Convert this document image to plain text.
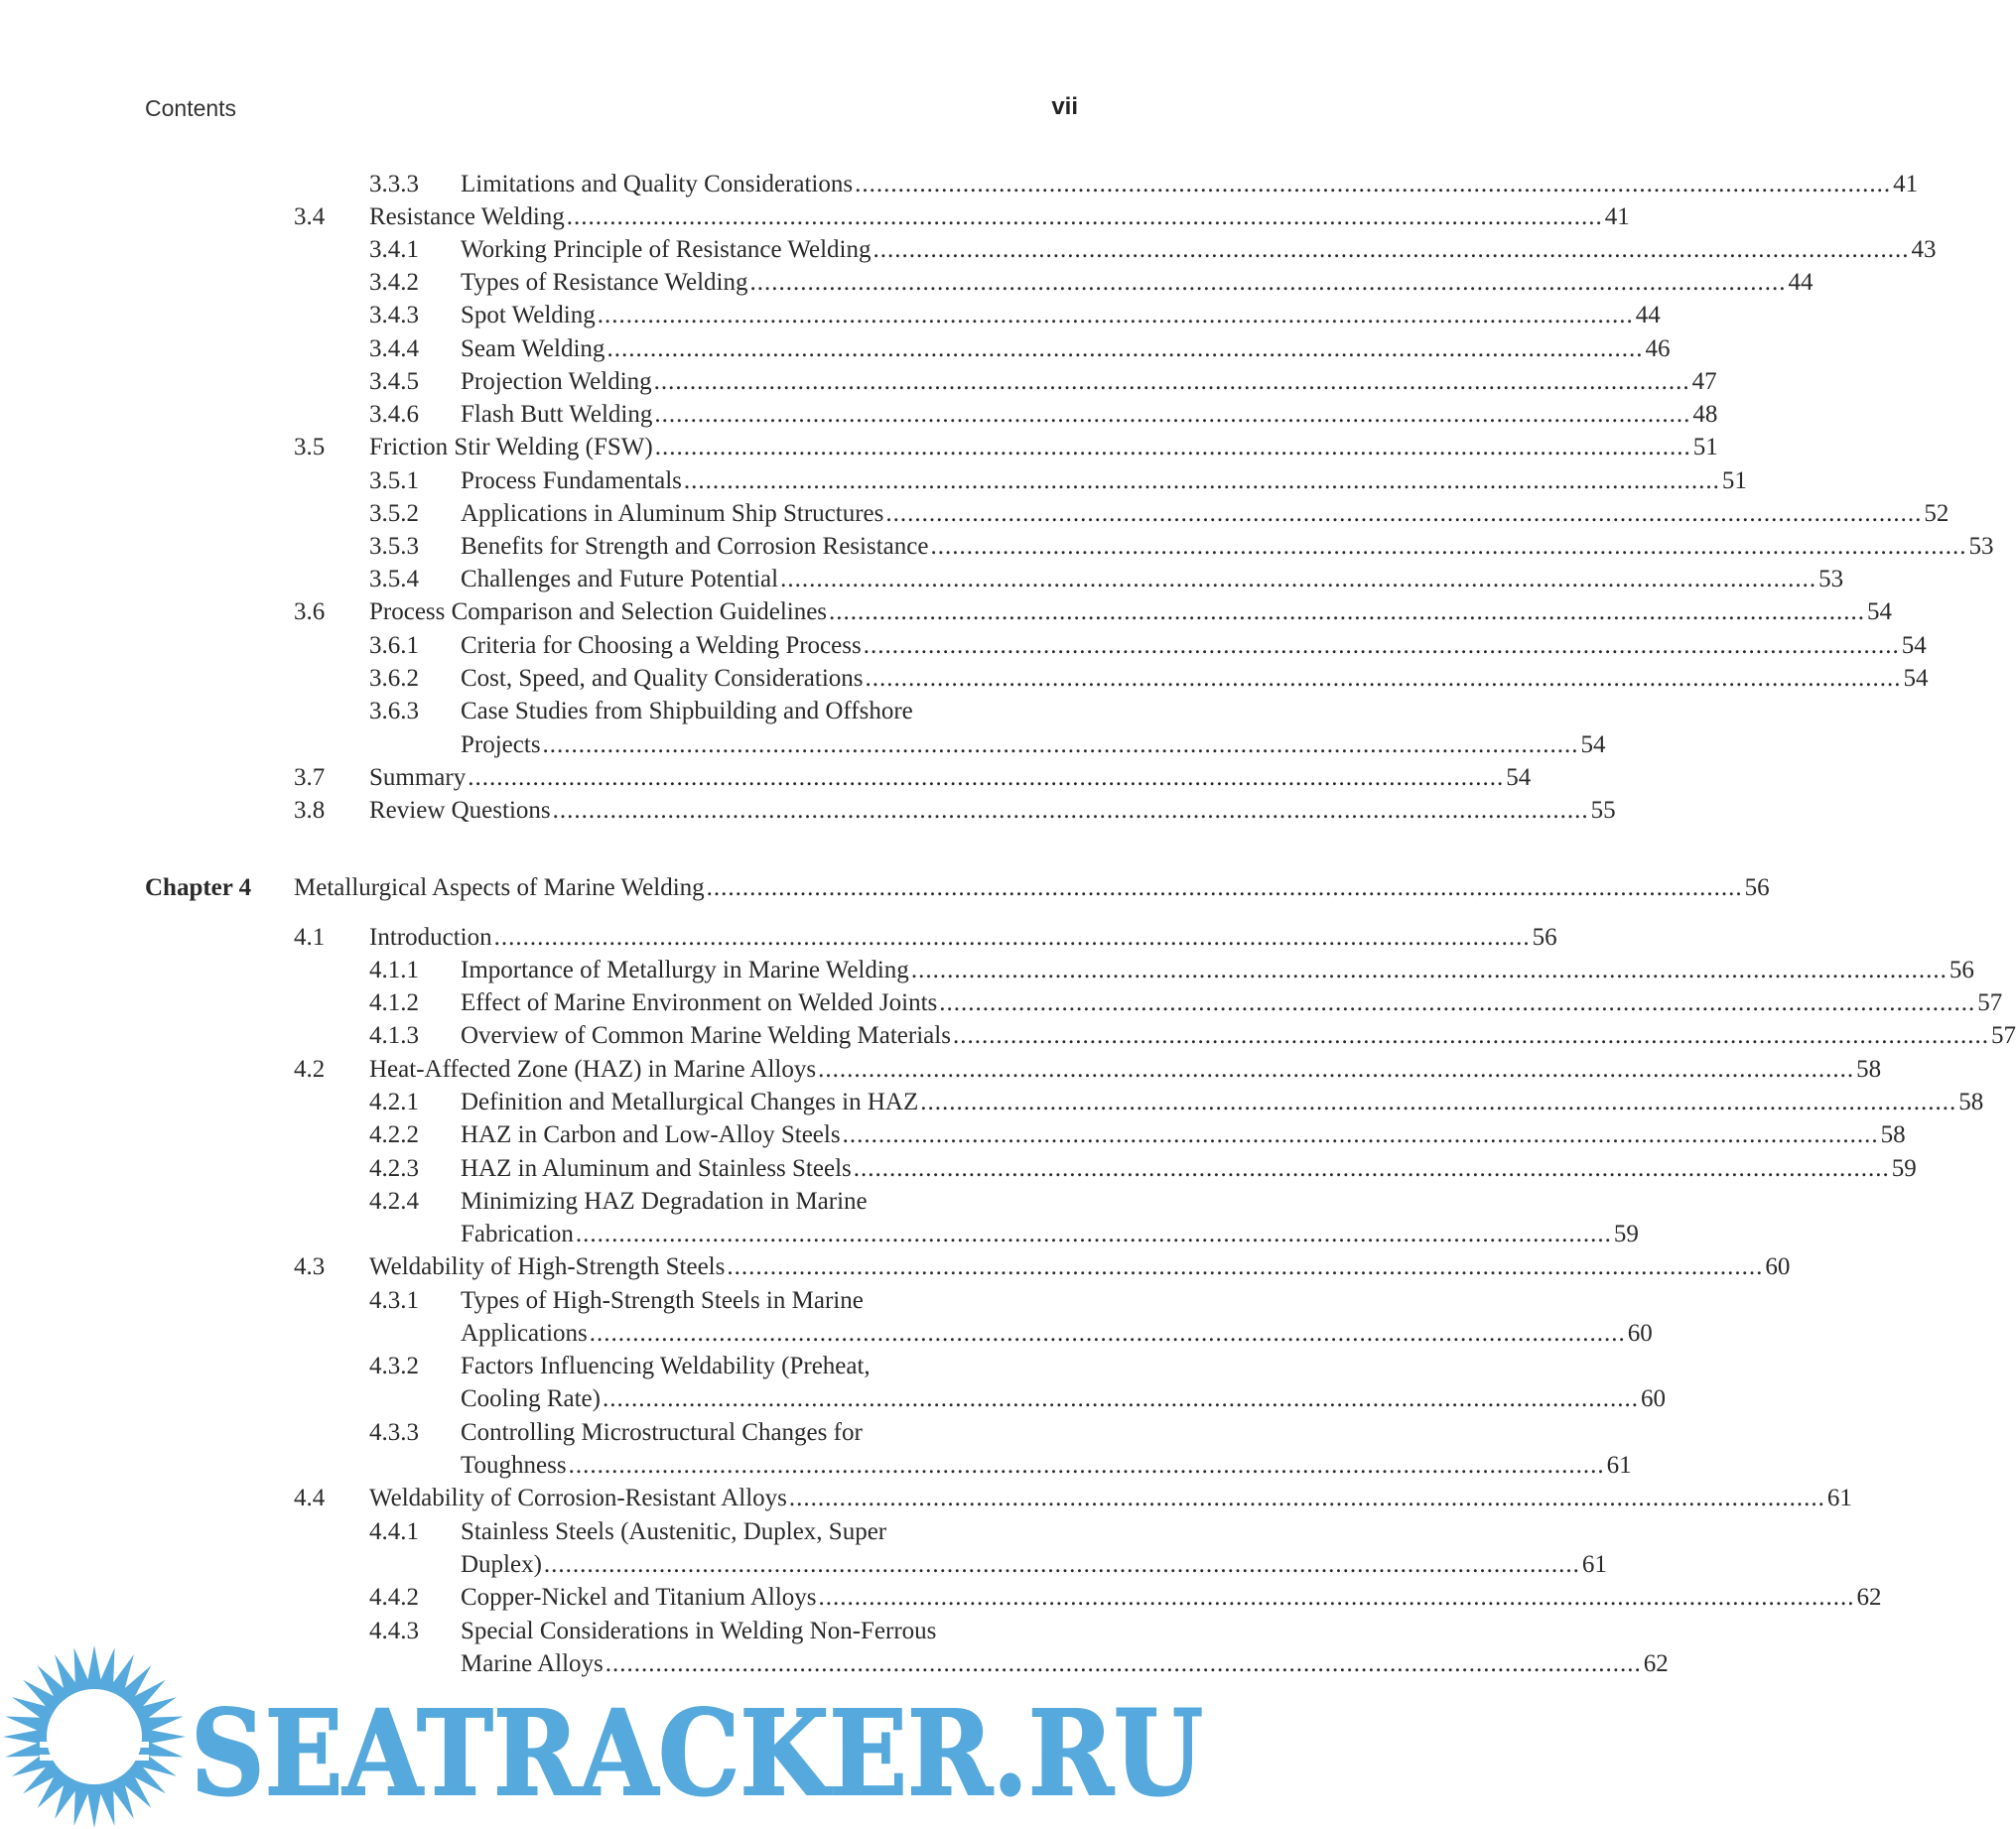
Contents	vii
3.3.3 Limitations and Quality Considerations ................................................................................................................................................ 41
3.4 Resistance Welding ................................................................................................................................................ 41
3.4.1 Working Principle of Resistance Welding ................................................................................................................................................ 43
3.4.2 Types of Resistance Welding ................................................................................................................................................ 44
3.4.3 Spot Welding ................................................................................................................................................ 44
3.4.4 Seam Welding ................................................................................................................................................ 46
3.4.5 Projection Welding ................................................................................................................................................ 47
3.4.6 Flash Butt Welding ................................................................................................................................................ 48
3.5 Friction Stir Welding (FSW) ................................................................................................................................................ 51
3.5.1 Process Fundamentals ................................................................................................................................................ 51
3.5.2 Applications in Aluminum Ship Structures ................................................................................................................................................ 52
3.5.3 Benefits for Strength and Corrosion Resistance ................................................................................................................................................ 53
3.5.4 Challenges and Future Potential ................................................................................................................................................ 53
3.6 Process Comparison and Selection Guidelines ................................................................................................................................................ 54
3.6.1 Criteria for Choosing a Welding Process ................................................................................................................................................ 54
3.6.2 Cost, Speed, and Quality Considerations ................................................................................................................................................ 54
3.6.3 Case Studies from Shipbuilding and Offshore
Projects ................................................................................................................................................ 54
3.7 Summary ................................................................................................................................................ 54
3.8 Review Questions ................................................................................................................................................ 55
Chapter 4 Metallurgical Aspects of Marine Welding ................................................................................................................................................ 56
4.1 Introduction ................................................................................................................................................ 56
4.1.1 Importance of Metallurgy in Marine Welding ................................................................................................................................................ 56
4.1.2 Effect of Marine Environment on Welded Joints ................................................................................................................................................ 57
4.1.3 Overview of Common Marine Welding Materials ................................................................................................................................................ 57
4.2 Heat-Affected Zone (HAZ) in Marine Alloys ................................................................................................................................................ 58
4.2.1 Definition and Metallurgical Changes in HAZ ................................................................................................................................................ 58
4.2.2 HAZ in Carbon and Low-Alloy Steels ................................................................................................................................................ 58
4.2.3 HAZ in Aluminum and Stainless Steels ................................................................................................................................................ 59
4.2.4 Minimizing HAZ Degradation in Marine
Fabrication ................................................................................................................................................ 59
4.3 Weldability of High-Strength Steels ................................................................................................................................................ 60
4.3.1 Types of High-Strength Steels in Marine
Applications ................................................................................................................................................ 60
4.3.2 Factors Influencing Weldability (Preheat,
Cooling Rate) ................................................................................................................................................ 60
4.3.3 Controlling Microstructural Changes for
Toughness ................................................................................................................................................ 61
4.4 Weldability of Corrosion-Resistant Alloys ................................................................................................................................................ 61
4.4.1 Stainless Steels (Austenitic, Duplex, Super
Duplex) ................................................................................................................................................ 61
4.4.2 Copper-Nickel and Titanium Alloys ................................................................................................................................................ 62
4.4.3 Special Considerations in Welding Non-Ferrous
Marine Alloys ................................................................................................................................................ 62
SEATRACKER.RU
